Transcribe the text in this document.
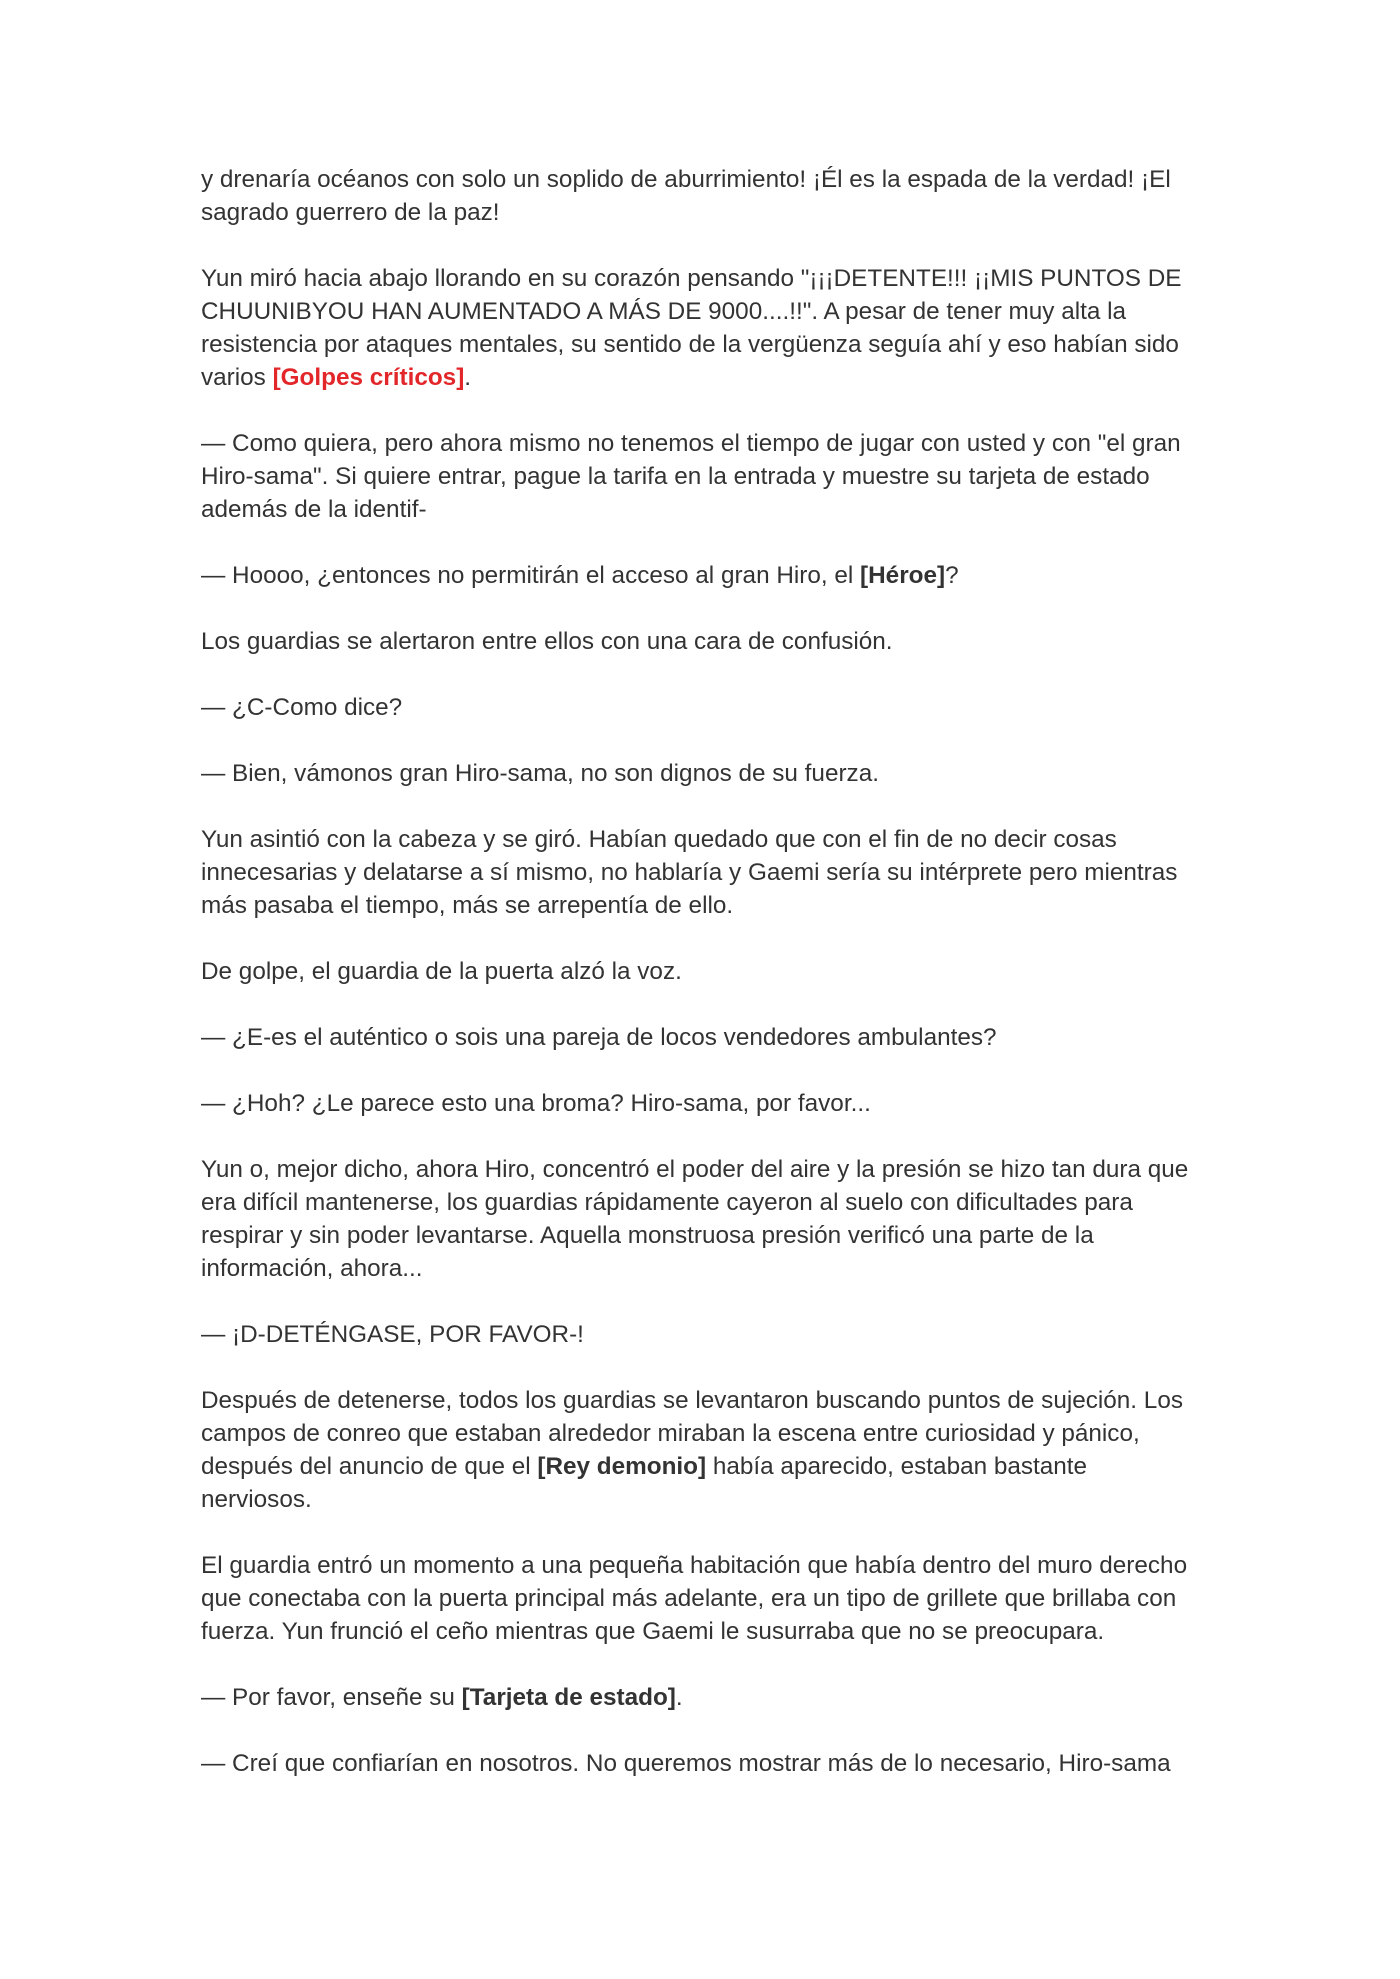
y drenaría océanos con solo un soplido de aburrimiento! ¡Él es la espada de la verdad! ¡El sagrado guerrero de la paz!

Yun miró hacia abajo llorando en su corazón pensando "¡¡¡DETENTE!!! ¡¡MIS PUNTOS DE CHUUNIBYOU HAN AUMENTADO A MÁS DE 9000....!!". A pesar de tener muy alta la resistencia por ataques mentales, su sentido de la vergüenza seguía ahí y eso habían sido varios [Golpes críticos].

— Como quiera, pero ahora mismo no tenemos el tiempo de jugar con usted y con "el gran Hiro-sama". Si quiere entrar, pague la tarifa en la entrada y muestre su tarjeta de estado además de la identif-

— Hoooo, ¿entonces no permitirán el acceso al gran Hiro, el [Héroe]?

Los guardias se alertaron entre ellos con una cara de confusión.

— ¿C-Como dice?

— Bien, vámonos gran Hiro-sama, no son dignos de su fuerza.

Yun asintió con la cabeza y se giró. Habían quedado que con el fin de no decir cosas innecesarias y delatarse a sí mismo, no hablaría y Gaemi sería su intérprete pero mientras más pasaba el tiempo, más se arrepentía de ello.

De golpe, el guardia de la puerta alzó la voz.

— ¿E-es el auténtico o sois una pareja de locos vendedores ambulantes?

— ¿Hoh? ¿Le parece esto una broma? Hiro-sama, por favor...

Yun o, mejor dicho, ahora Hiro, concentró el poder del aire y la presión se hizo tan dura que era difícil mantenerse, los guardias rápidamente cayeron al suelo con dificultades para respirar y sin poder levantarse. Aquella monstruosa presión verificó una parte de la información, ahora...

— ¡D-DETÉNGASE, POR FAVOR-!

Después de detenerse, todos los guardias se levantaron buscando puntos de sujeción. Los campos de conreo que estaban alrededor miraban la escena entre curiosidad y pánico, después del anuncio de que el [Rey demonio] había aparecido, estaban bastante nerviosos.

El guardia entró un momento a una pequeña habitación que había dentro del muro derecho que conectaba con la puerta principal más adelante, era un tipo de grillete que brillaba con fuerza. Yun frunció el ceño mientras que Gaemi le susurraba que no se preocupara.

— Por favor, enseñe su [Tarjeta de estado].

— Creí que confiarían en nosotros. No queremos mostrar más de lo necesario, Hiro-sama
